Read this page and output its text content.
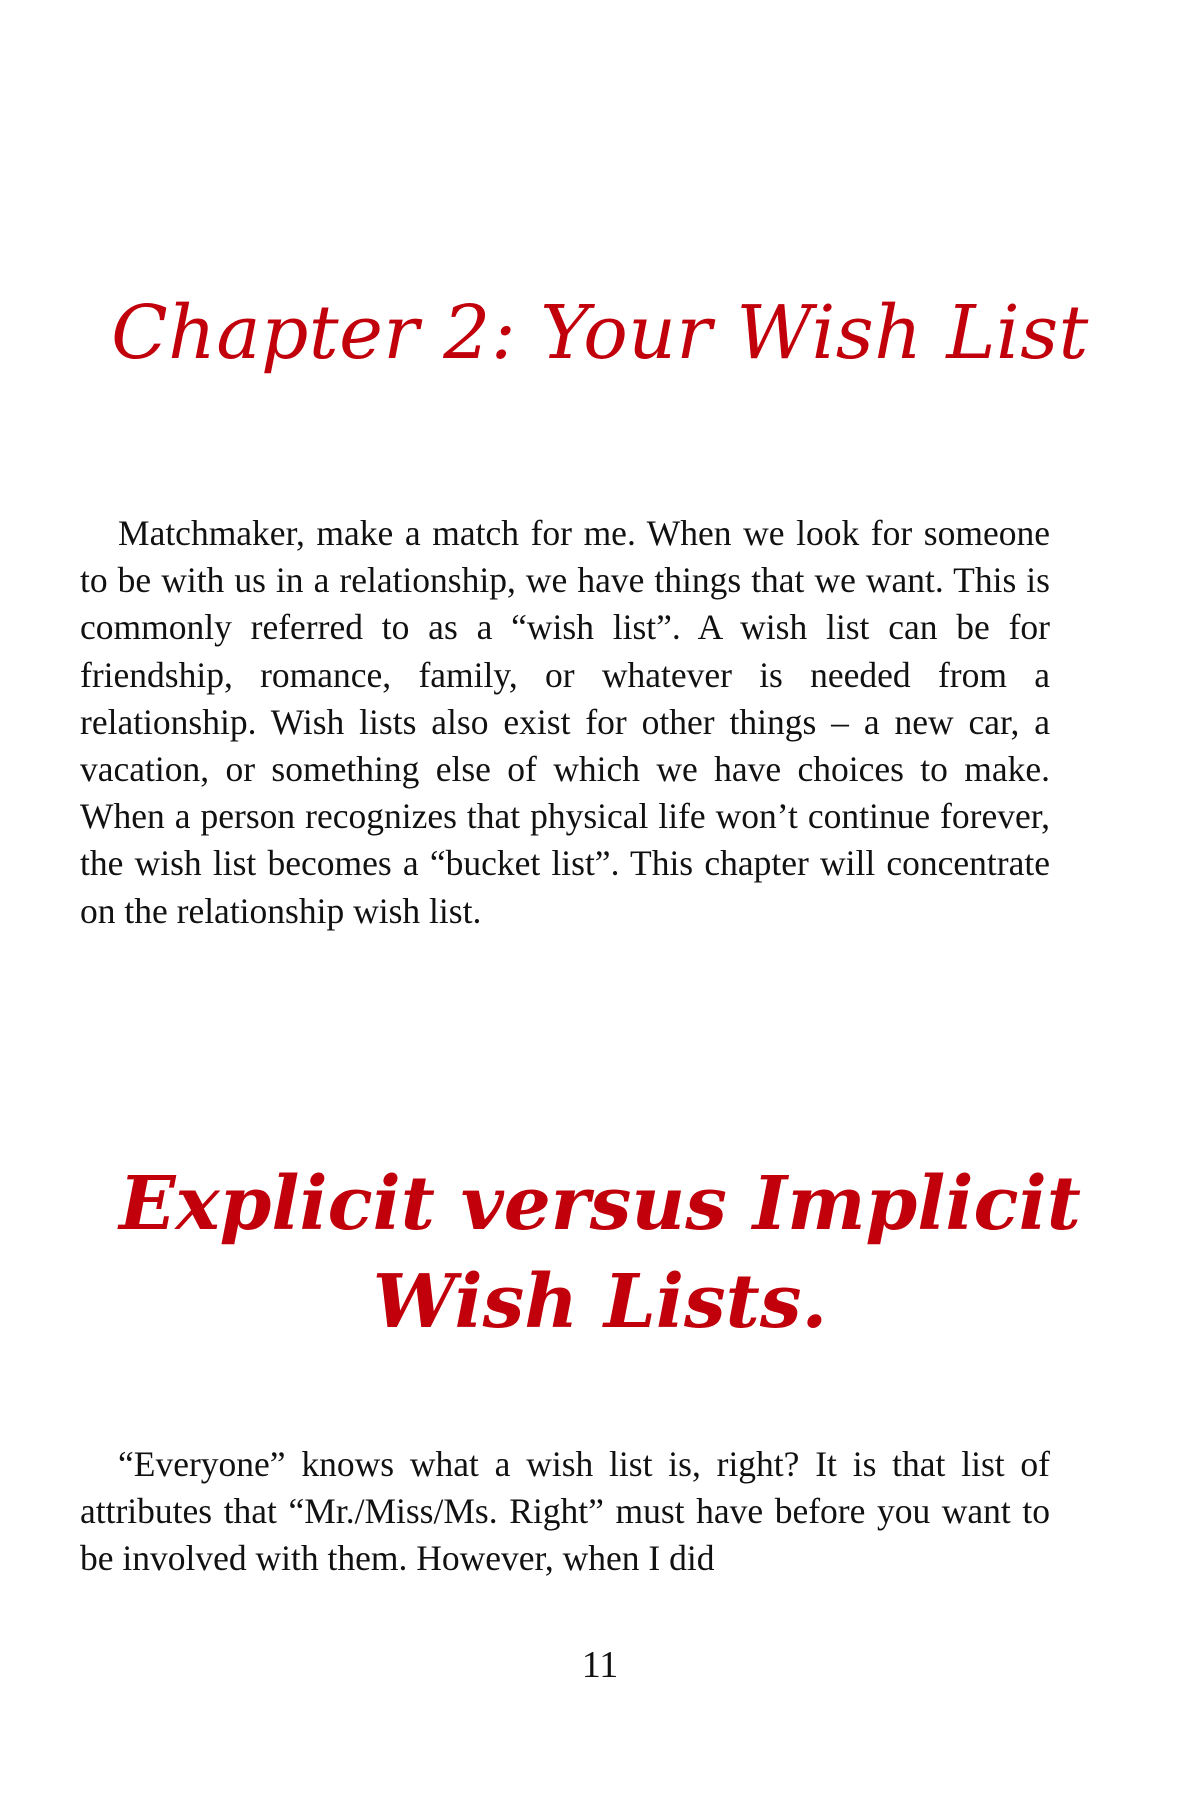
Chapter 2: Your Wish List

Matchmaker, make a match for me. When we look for someone to be with us in a relationship, we have things that we want. This is commonly referred to as a “wish list”. A wish list can be for friendship, romance, family, or whatever is needed from a relationship. Wish lists also exist for other things – a new car, a vacation, or something else of which we have choices to make. When a person recognizes that physical life won’t continue forever, the wish list becomes a “bucket list”. This chapter will concentrate on the relationship wish list.

Explicit versus Implicit
Wish Lists.

“Everyone” knows what a wish list is, right? It is that list of attributes that “Mr./Miss/Ms. Right” must have before you want to be involved with them. However, when I did

11
